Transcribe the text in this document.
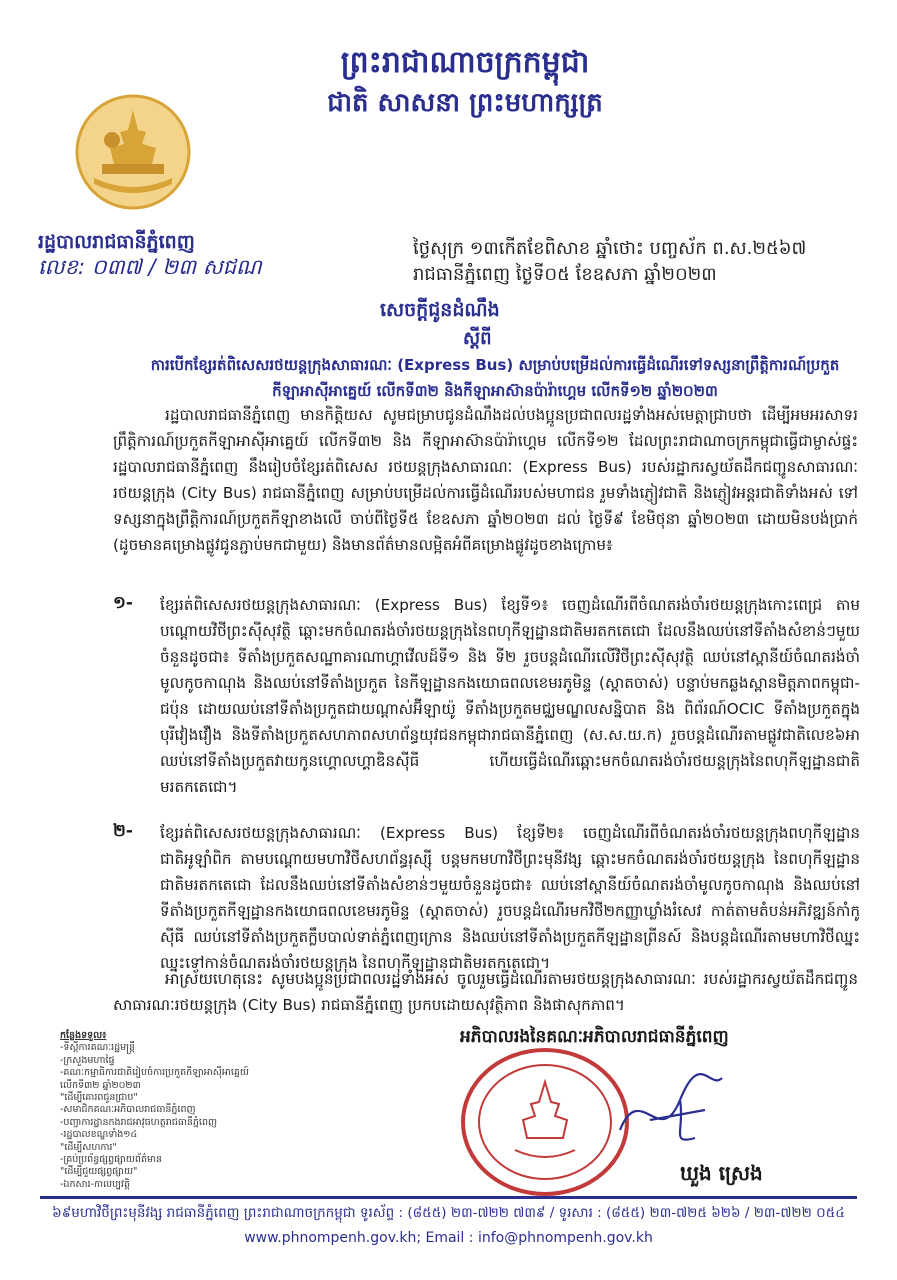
ព្រះរាជាណាចក្រកម្ពុជា
ជាតិ សាសនា ព្រះមហាក្សត្រ
រដ្ឋបាលរាជធានីភ្នំពេញ
លេខ: ០៣៧ / ២៣ សជណ
ថ្ងៃសុក្រ ១៣កើតខែពិសាខ ឆ្នាំថោះ បញ្ចស័ក ព.ស.២៥៦៧
រាជធានីភ្នំពេញ ថ្ងៃទី០៥ ខែឧសភា ឆ្នាំ២០២៣
សេចក្តីជូនដំណឹង
ស្តីពី
ការបើកខ្សែរត់ពិសេសរថយន្តក្រុងសាធារណៈ (Express Bus) សម្រាប់បម្រើដល់ការធ្វើដំណើរទៅទស្សនាព្រឹត្តិការណ៍ប្រកួតកីឡាអាស៊ីអាគ្នេយ៍ លើកទី៣២ និងកីឡាអាស៊ានប៉ារ៉ាហ្គេម លើកទី១២ ឆ្នាំ២០២៣
រដ្ឋបាលរាជធានីភ្នំពេញ មានកិត្តិយស សូមជម្រាបជូនដំណឹងដល់បងប្អូនប្រជាពលរដ្ឋទាំងអស់មេត្តាជ្រាបថា ដើម្បីអមអរសាទរ ព្រឹត្តិការណ៍ប្រកួតកីឡាអាស៊ីអាគ្នេយ៍ លើកទី៣២ និង កីឡាអាស៊ានប៉ារ៉ាហ្គេម លើកទី១២ ដែលព្រះរាជាណាចក្រកម្ពុជាធ្វើជាម្ចាស់ផ្ទះ រដ្ឋបាលរាជធានីភ្នំពេញ នឹងរៀបចំខ្សែរត់ពិសេស រថយន្តក្រុងសាធារណៈ (Express Bus) របស់រដ្ឋាករស្វយ័តដឹកជញ្ជូនសាធារណៈរថយន្តក្រុង (City Bus) រាជធានីភ្នំពេញ សម្រាប់បម្រើដល់ការធ្វើដំណើររបស់មហាជន រួមទាំងភ្ញៀវជាតិ និងភ្ញៀវអន្តរជាតិទាំងអស់ ទៅទស្សនាក្នុងព្រឹត្តិការណ៍ប្រកួតកីឡាខាងលើ ចាប់ពីថ្ងៃទី៥ ខែឧសភា ឆ្នាំ២០២៣ ដល់ ថ្ងៃទី៩ ខែមិថុនា ឆ្នាំ២០២៣ ដោយមិនបង់ប្រាក់ (ដូចមានគម្រោងផ្លូវជូនភ្ជាប់មកជាមួយ) និងមានព័ត៌មានលម្អិតអំពីគម្រោងផ្លូវដូចខាងក្រោម៖
១- ខ្សែរត់ពិសេសរថយន្តក្រុងសាធារណៈ (Express Bus) ខ្សែទី១៖ ចេញដំណើរពីចំណតរង់ចាំរថយន្តក្រុងកោះពេជ្រ តាមបណ្តោយវិថីព្រះស៊ីសុវត្ថិ ឆ្ពោះមកចំណតរង់ចាំរថយន្តក្រុងនៃពហុកីឡដ្ឋានជាតិមរតកតេជោ ដែលនឹងឈប់នៅទីតាំងសំខាន់ៗមួយចំនួនដូចជា៖ ទីតាំងប្រកួតសណ្ឋាគារណាហ្គាវើលដ៍ទី១ និង ទី២ រួចបន្តដំណើរលើវិថីព្រះស៊ីសុវត្ថិ ឈប់នៅស្ពានីយ៍ចំណតរង់ចាំមូលកូចកាណុង និងឈប់នៅទីតាំងប្រកួត នៃកីឡដ្ឋានកងយោធពលខេមរភូមិន្ទ (ស្តាតចាស់) បន្ទាប់មកឆ្លងស្ពានមិត្តភាពកម្ពុជា-ជប៉ុន ដោយឈប់នៅទីតាំងប្រកួតជាយណ្តាស់អ៊ីឡាយ៉ូ ទីតាំងប្រកួតមជ្ឈមណ្ឌលសន្និបាត និង ពិព័រណ៍OCIC ទីតាំងប្រកួតក្នុងបុរីវៀងវឿង និងទីតាំងប្រកួតសហភាពសហព័ន្ធយុវជនកម្ពុជារាជធានីភ្នំពេញ (ស.ស.យ.ក) រួចបន្តដំណើរតាមផ្លូវជាតិលេខ៦អា ឈប់នៅទីតាំងប្រកួតវាយកូនហ្គោលហ្គាឌិនស៊ីធី ហើយធ្វើដំណើរឆ្ពោះមកចំណតរង់ចាំរថយន្តក្រុងនៃពហុកីឡដ្ឋានជាតិមរតកតេជោ។
២- ខ្សែរត់ពិសេសរថយន្តក្រុងសាធារណៈ (Express Bus) ខ្សែទី២៖ ចេញដំណើរពីចំណតរង់ចាំរថយន្តក្រុងពហុកីឡដ្ឋានជាតិអូឡាំពិក តាមបណ្តោយមហាវិថីសហព័ន្ធរុស្ស៊ី បន្តមកមហាវិថីព្រះមុនីវង្ស ឆ្ពោះមកចំណតរង់ចាំរថយន្តក្រុង នៃពហុកីឡដ្ឋានជាតិមរតកតេជោ ដែលនឹងឈប់នៅទីតាំងសំខាន់ៗមួយចំនួនដូចជា៖ ឈប់នៅស្ពានីយ៍ចំណតរង់ចាំមូលកូចកាណុង និងឈប់នៅទីតាំងប្រកួតកីឡដ្ឋានកងយោធពលខេមរភូមិន្ទ (ស្តាតចាស់) រួចបន្តដំណើរមកវិថី២កញ្ញាឃ្លាំងរំសេវ កាត់តាមតំបន់អភិវឌ្ឍន៍កាំកូស៊ីធី ឈប់នៅទីតាំងប្រកួតក្លឹបបាល់ទាត់ភ្នំពេញក្រោន និងឈប់នៅទីតាំងប្រកួតកីឡដ្ឋានព្រីនស៍ និងបន្តដំណើរតាមមហាវិថីឈ្នះឈ្នះទៅកាន់ចំណតរង់ចាំរថយន្តក្រុង នៃពហុកីឡដ្ឋានជាតិមរតកតេជោ។
អាស្រ័យហេតុនេះ សូមបងប្អូនប្រជាពលរដ្ឋទាំងអស់ ចូលរួមធ្វើដំណើរតាមរថយន្តក្រុងសាធារណៈ របស់រដ្ឋាករស្វយ័តដឹកជញ្ជូនសាធារណៈរថយន្តក្រុង (City Bus) រាជធានីភ្នំពេញ ប្រកបដោយសុវត្ថិភាព និងផាសុកភាព។
កន្លែងទទួល៖
-ទីស្តីការគណៈរដ្ឋមន្ត្រី
-ក្រសួងមហាផ្ទៃ
-គណៈកម្មាធិការជាតិរៀបចំការប្រកួតកីឡាអាស៊ីអាគ្នេយ៍ លើកទី៣២ ឆ្នាំ២០២៣
"ដើម្បីគោរពជូនជ្រាប"
-សមាជិកគណៈអភិបាលរាជធានីភ្នំពេញ
-បញ្ជាការដ្ឋានកងរាជអាវុធហត្ថរាជធានីភ្នំពេញ
-រដ្ឋបាលខណ្ឌទាំង១៤
"ដើម្បីសហការ"
-គ្រប់ប្រព័ន្ធផ្សព្វផ្សាយព័ត៌មាន
"ដើម្បីជួយផ្សព្វផ្សាយ"
-ឯកសារ-កាលប្បវត្តិ
អភិបាលរងនៃគណៈអភិបាលរាជធានីភ្នំពេញ
ឃួង ស្រេង
៦៩មហាវិថីព្រះមុនីវង្ស រាជធានីភ្នំពេញ ព្រះរាជាណាចក្រកម្ពុជា ទូរស័ព្ទ : (៨៥៥) ២៣-៧២២ ៧៣៩ / ទូរសារ : (៨៥៥) ២៣-៧២៥ ៦២៦ / ២៣-៧២២ ០៥៤
www.phnompenh.gov.kh; Email : info@phnompenh.gov.kh
